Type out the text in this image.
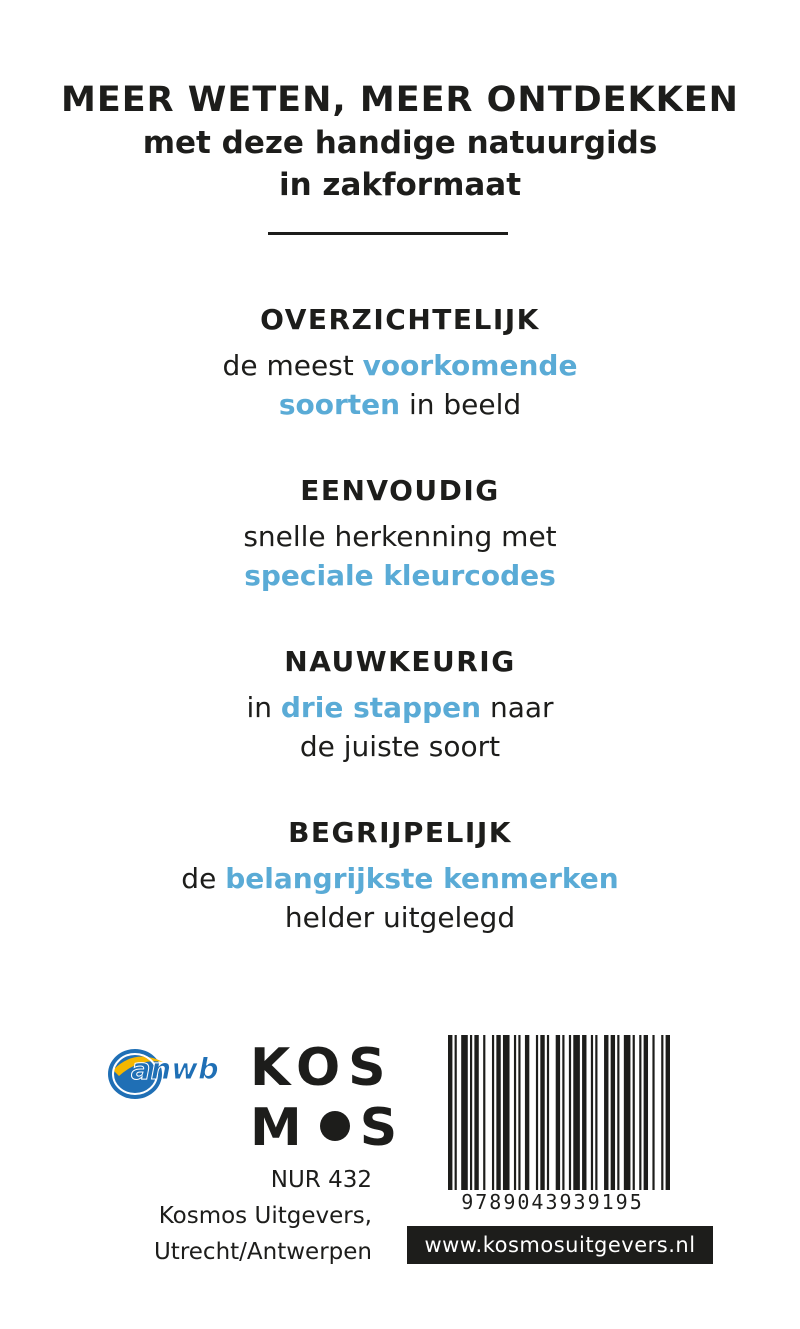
MEER WETEN, MEER ONTDEKKEN
met deze handige natuurgids
in zakformaat
OVERZICHTELIJK
de meest voorkomende
soorten in beeld
EENVOUDIG
snelle herkenning met
speciale kleurcodes
NAUWKEURIG
in drie stappen naar
de juiste soort
BEGRIJPELIJK
de belangrijkste kenmerken
helder uitgelegd
anwb KOS
M S
NUR 432
Kosmos Uitgevers,
Utrecht/Antwerpen
9789043939195
www.kosmosuitgevers.nl
